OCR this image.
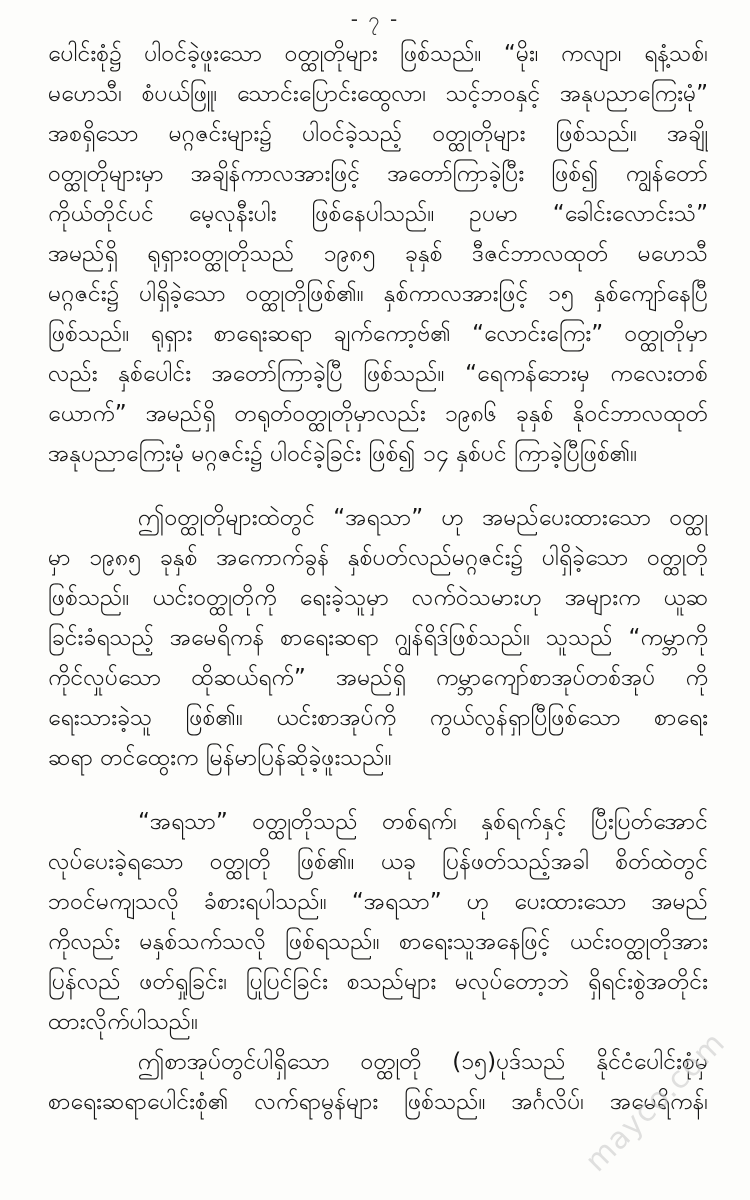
- ၇ -
ပေါင်းစုံ၌ ပါဝင်ခဲ့ဖူးသော ဝတ္ထုတိုများ ဖြစ်သည်။ “မိုး၊ ကလျာ၊ ရနံ့သစ်၊
မဟေသီ၊ စံပယ်ဖြူ၊ သောင်းပြောင်းထွေလာ၊ သင့်ဘဝနှင့် အနုပညာကြေးမုံ”
အစရှိသော မဂ္ဂဇင်းများ၌ ပါဝင်ခဲ့သည့် ဝတ္ထုတိုများ ဖြစ်သည်။ အချို့
ဝတ္ထုတိုများမှာ အချိန်ကာလအားဖြင့် အတော်ကြာခဲ့ပြီး ဖြစ်၍ ကျွန်တော်
ကိုယ်တိုင်ပင် မေ့လုနီးပါး ဖြစ်နေပါသည်။ ဥပမာ “ခေါင်းလောင်းသံ”
အမည်ရှိ ရုရှားဝတ္ထုတိုသည် ၁၉၈၅ ခုနှစ် ဒီဇင်ဘာလထုတ် မဟေသီ
မဂ္ဂဇင်း၌ ပါရှိခဲ့သော ဝတ္ထုတိုဖြစ်၏။ နှစ်ကာလအားဖြင့် ၁၅ နှစ်ကျော်နေပြီ
ဖြစ်သည်။ ရုရှား စာရေးဆရာ ချက်ကော့ဗ်၏ “လောင်းကြေး” ဝတ္ထုတိုမှာ
လည်း နှစ်ပေါင်း အတော်ကြာခဲ့ပြီ ဖြစ်သည်။ “ရေကန်ဘေးမှ ကလေးတစ်
ယောက်” အမည်ရှိ တရုတ်ဝတ္ထုတိုမှာလည်း ၁၉၈၆ ခုနှစ် နိုဝင်ဘာလထုတ်
အနုပညာကြေးမုံ မဂ္ဂဇင်း၌ ပါဝင်ခဲ့ခြင်း ဖြစ်၍ ၁၄ နှစ်ပင် ကြာခဲ့ပြီဖြစ်၏။
ဤဝတ္ထုတိုများထဲတွင် “အရသာ” ဟု အမည်ပေးထားသော ဝတ္ထု
မှာ ၁၉၈၅ ခုနှစ် အကောက်ခွန် နှစ်ပတ်လည်မဂ္ဂဇင်း၌ ပါရှိခဲ့သော ဝတ္ထုတို
ဖြစ်သည်။ ယင်းဝတ္ထုတိုကို ရေးခဲ့သူမှာ လက်ဝဲသမားဟု အများက ယူဆ
ခြင်းခံရသည့် အမေရိကန် စာရေးဆရာ ဂျွန်ရိဒ်ဖြစ်သည်။ သူသည် “ကမ္ဘာကို
ကိုင်လှုပ်သော ထိုဆယ်ရက်” အမည်ရှိ ကမ္ဘာကျော်စာအုပ်တစ်အုပ် ကို
ရေးသားခဲ့သူ ဖြစ်၏။ ယင်းစာအုပ်ကို ကွယ်လွန်ရှာပြီဖြစ်သော စာရေး
ဆရာ တင်ထွေးက မြန်မာပြန်ဆိုခဲ့ဖူးသည်။
“အရသာ” ဝတ္ထုတိုသည် တစ်ရက်၊ နှစ်ရက်နှင့် ပြီးပြတ်အောင်
လုပ်ပေးခဲ့ရသော ဝတ္ထုတို ဖြစ်၏။ ယခု ပြန်ဖတ်သည့်အခါ စိတ်ထဲတွင်
ဘဝင်မကျသလို ခံစားရပါသည်။ “အရသာ” ဟု ပေးထားသော အမည်
ကိုလည်း မနှစ်သက်သလို ဖြစ်ရသည်။ စာရေးသူအနေဖြင့် ယင်းဝတ္ထုတိုအား
ပြန်လည် ဖတ်ရှုခြင်း၊ ပြုပြင်ခြင်း စသည်များ မလုပ်တော့ဘဲ ရှိရင်းစွဲအတိုင်း
ထားလိုက်ပါသည်။
ဤစာအုပ်တွင်ပါရှိသော ဝတ္ထုတို (၁၅)ပုဒ်သည် နိုင်ငံပေါင်းစုံမှ
စာရေးဆရာပေါင်းစုံ၏ လက်ရာမွန်များ ဖြစ်သည်။ အင်္ဂလိပ်၊ အမေရိကန်၊
mayco.com
